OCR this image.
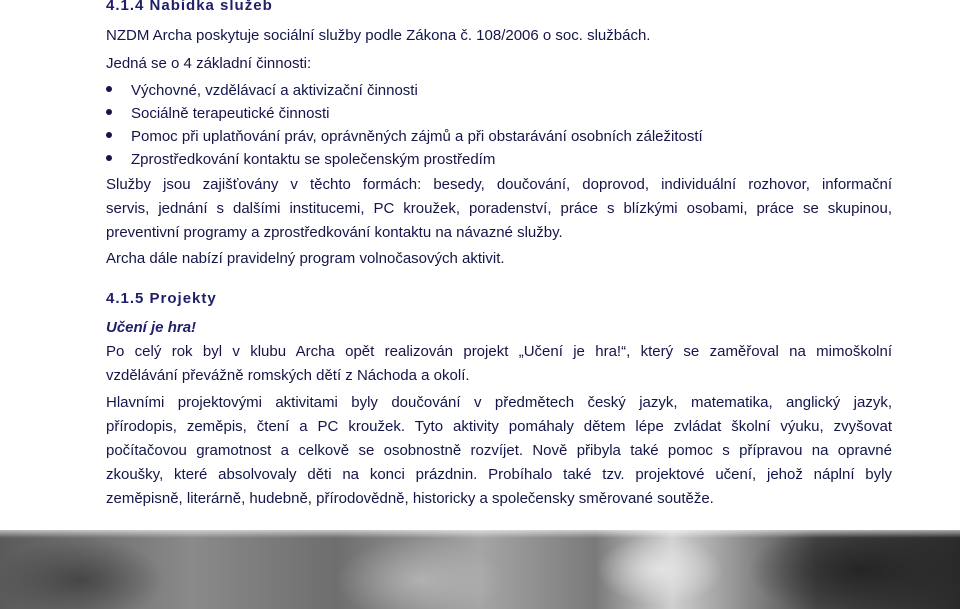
4.1.4 Nabídka služeb
NZDM Archa poskytuje sociální služby podle Zákona č. 108/2006 o soc. službách.
Jedná se o 4 základní činnosti:
Výchovné, vzdělávací a aktivizační činnosti
Sociálně terapeutické činnosti
Pomoc při uplatňování práv, oprávněných zájmů a při obstarávání osobních záležitostí
Zprostředkování kontaktu se společenským prostředím
Služby jsou zajišťovány v těchto formách: besedy, doučování, doprovod, individuální rozhovor, informační
servis, jednání s dalšími institucemi, PC kroužek, poradenství, práce s blízkými osobami, práce se skupinou,
preventivní programy a zprostředkování kontaktu na návazné služby.
Archa dále nabízí pravidelný program volnočasových aktivit.
4.1.5 Projekty
Učení je hra!
Po celý rok byl v klubu Archa opět realizován projekt „Učení je hra!“, který se zaměřoval na mimoškolní
vzdělávání převážně romských dětí z Náchoda a okolí.
Hlavními projektovými aktivitami byly doučování v předmětech český jazyk, matematika, anglický jazyk,
přírodopis, zeměpis, čtení a PC kroužek. Tyto aktivity pomáhaly dětem lépe zvládat školní výuku, zvyšovat
počítačovou gramotnost a celkově se osobnostně rozvíjet. Nově přibyla také pomoc s přípravou na opravné
zkoušky, které absolvovaly děti na konci prázdnin. Probíhalo také tzv. projektové učení, jehož náplní byly
zeměpisně, literárně, hudebně, přírodovědně, historicky a společensky směrované soutěže.
